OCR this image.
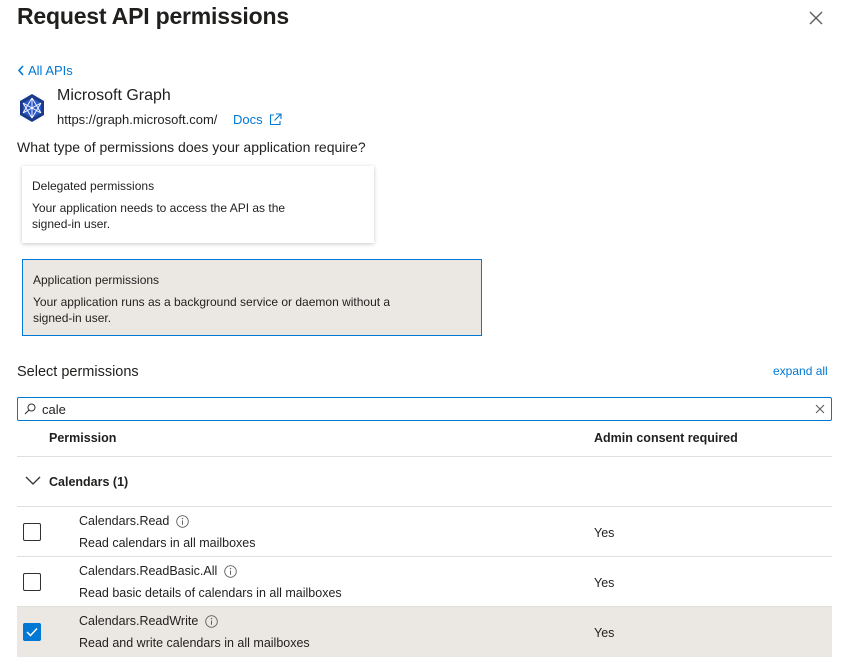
Request API permissions
All APIs
Microsoft Graph
https://graph.microsoft.com/ Docs
What type of permissions does your application require?
Delegated permissions
Your application needs to access the API as the
signed-in user.
Application permissions
Your application runs as a background service or daemon without a
signed-in user.
Select permissions	expand all
cale
Permission	Admin consent required
Calendars (1)
Calendars.Read
Read calendars in all mailboxes
Yes
Calendars.ReadBasic.All
Read basic details of calendars in all mailboxes
Yes
Calendars.ReadWrite
Read and write calendars in all mailboxes
Yes
